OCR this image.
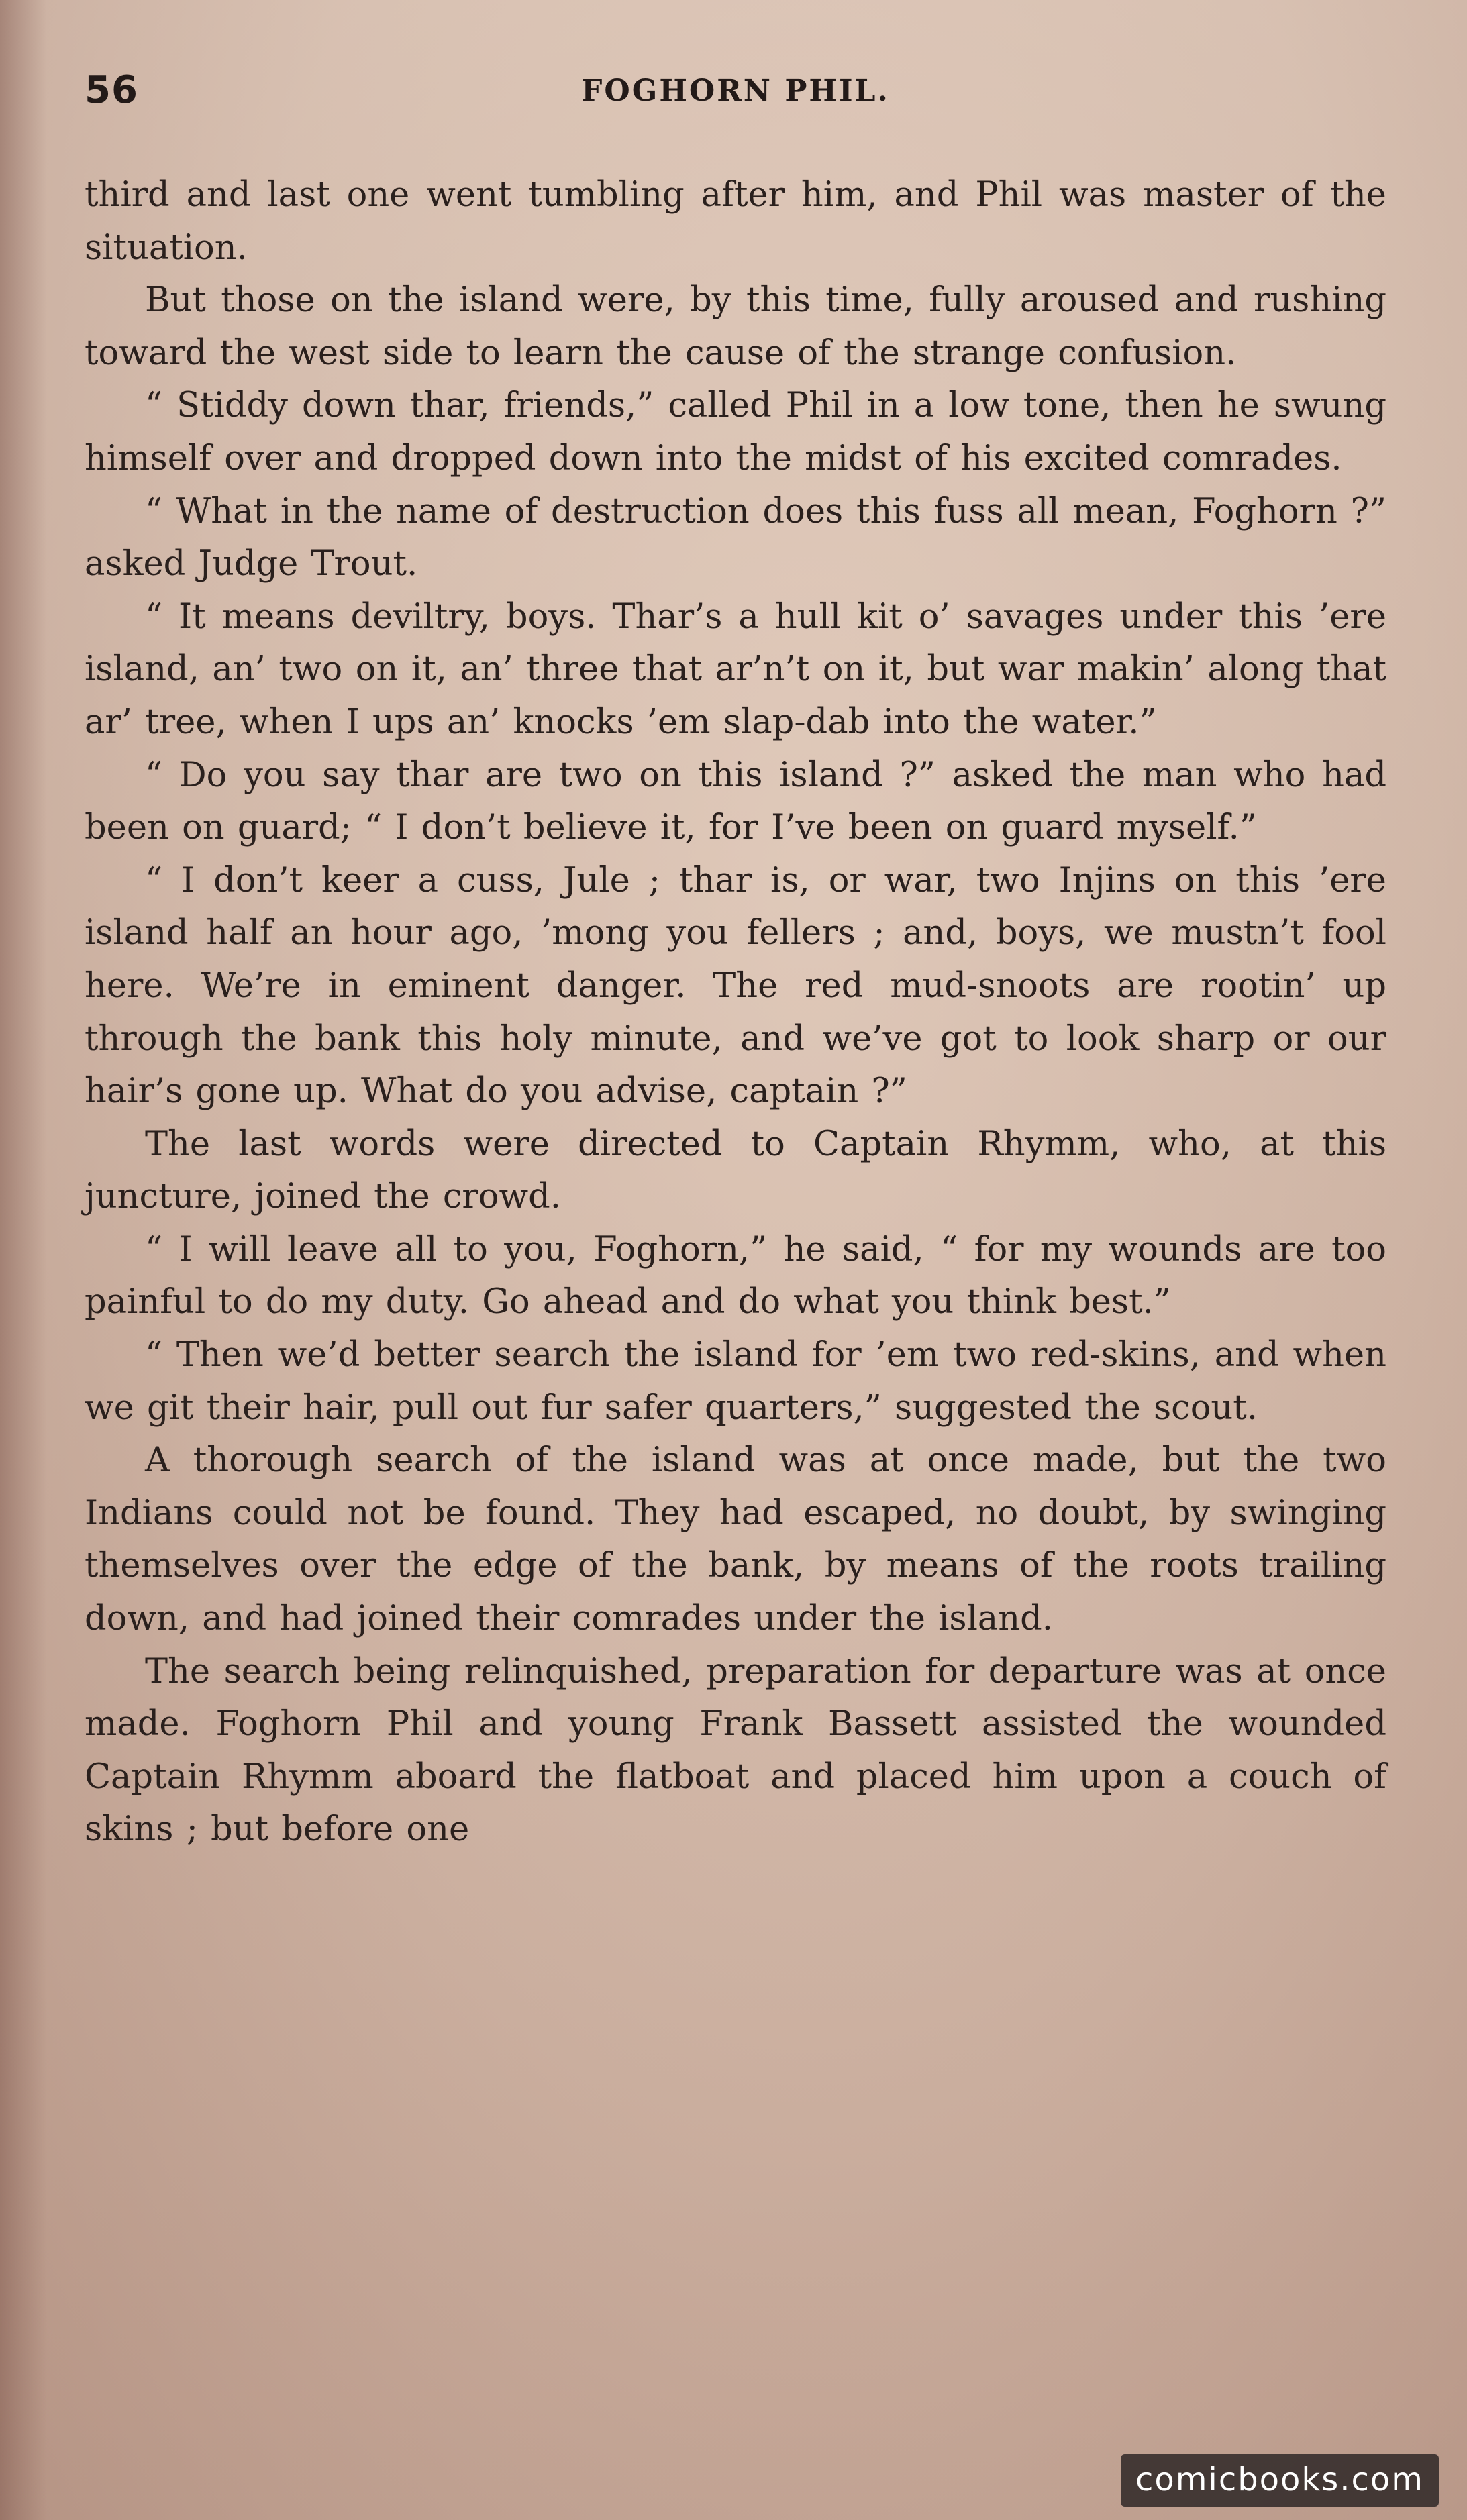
56	FOGHORN PHIL.

third and last one went tumbling after him, and Phil was master of the situation.

But those on the island were, by this time, fully aroused and rushing toward the west side to learn the cause of the strange confusion.

“ Stiddy down thar, friends,” called Phil in a low tone, then he swung himself over and dropped down into the midst of his excited comrades.

“ What in the name of destruction does this fuss all mean, Foghorn ?” asked Judge Trout.

“ It means deviltry, boys. Thar’s a hull kit o’ savages under this ’ere island, an’ two on it, an’ three that ar’n’t on it, but war makin’ along that ar’ tree, when I ups an’ knocks ’em slap-dab into the water.”

“ Do you say thar are two on this island ?” asked the man who had been on guard; “ I don’t believe it, for I’ve been on guard myself.”

“ I don’t keer a cuss, Jule ; thar is, or war, two Injins on this ’ere island half an hour ago, ’mong you fellers ; and, boys, we mustn’t fool here. We’re in eminent danger. The red mud-snoots are rootin’ up through the bank this holy minute, and we’ve got to look sharp or our hair’s gone up. What do you advise, captain ?”

The last words were directed to Captain Rhymm, who, at this juncture, joined the crowd.

“ I will leave all to you, Foghorn,” he said, “ for my wounds are too painful to do my duty. Go ahead and do what you think best.”

“ Then we’d better search the island for ’em two red-skins, and when we git their hair, pull out fur safer quarters,” suggested the scout.

A thorough search of the island was at once made, but the two Indians could not be found. They had escaped, no doubt, by swinging themselves over the edge of the bank, by means of the roots trailing down, and had joined their comrades under the island.

The search being relinquished, preparation for departure was at once made. Foghorn Phil and young Frank Bassett assisted the wounded Captain Rhymm aboard the flatboat and placed him upon a couch of skins ; but before one

comicbooks.com
